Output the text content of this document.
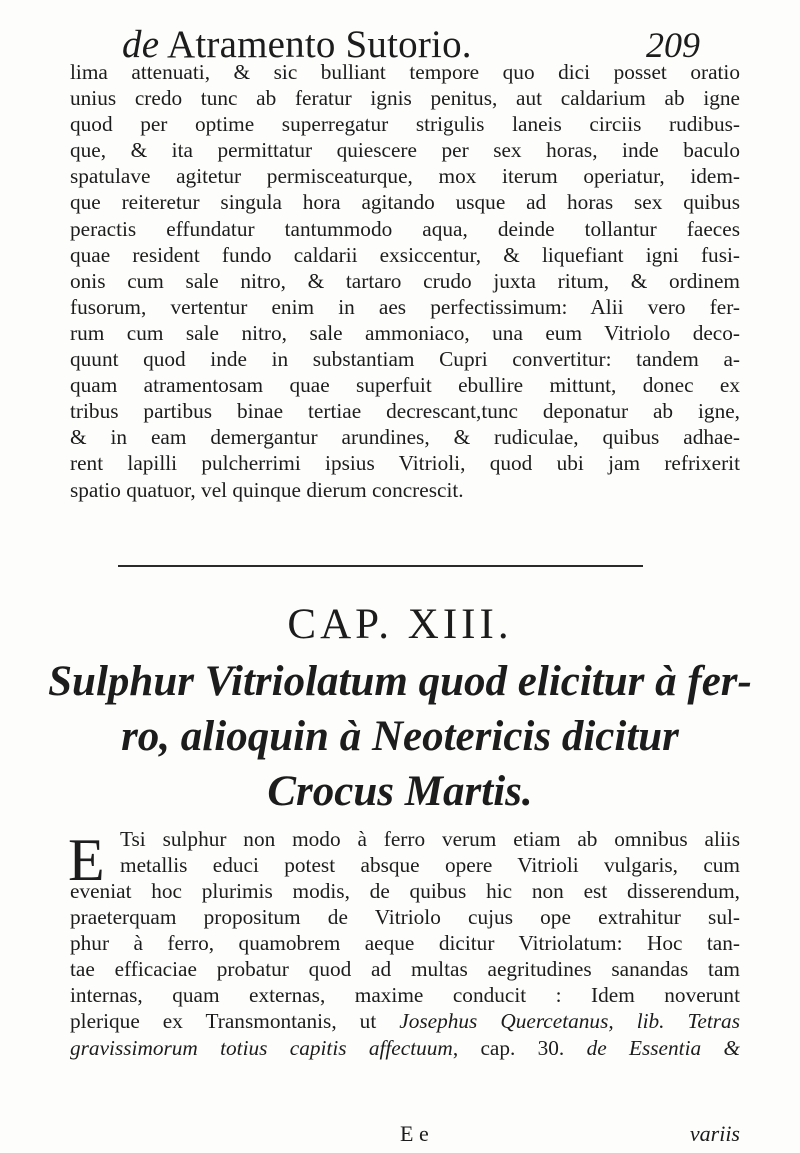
de Atramento Sutorio.	209
lima attenuati, & sic bulliant tempore quo dici posset oratio
unius credo tunc ab feratur ignis penitus, aut caldarium ab igne
quod per optime superregatur strigulis laneis circiis rudibus-
que, & ita permittatur quiescere per sex horas, inde baculo
spatulave agitetur permisceaturque, mox iterum operiatur, idem-
que reiteretur singula hora agitando usque ad horas sex quibus
peractis effundatur tantummodo aqua, deinde tollantur faeces
quae resident fundo caldarii exsiccentur, & liquefiant igni fusi-
onis cum sale nitro, & tartaro crudo juxta ritum, & ordinem
fusorum, vertentur enim in aes perfectissimum: Alii vero fer-
rum cum sale nitro, sale ammoniaco, una eum Vitriolo deco-
quunt quod inde in substantiam Cupri convertitur: tandem a-
quam atramentosam quae superfuit ebullire mittunt, donec ex
tribus partibus binae tertiae decrescant,tunc deponatur ab igne,
& in eam demergantur arundines, & rudiculae, quibus adhae-
rent lapilli pulcherrimi ipsius Vitrioli, quod ubi jam refrixerit
spatio quatuor, vel quinque dierum concrescit.
CAP. XIII.
Sulphur Vitriolatum quod elicitur à fer-
ro, alioquin à Neotericis dicitur
Crocus Martis.
E Tsi sulphur non modo à ferro verum etiam ab omnibus aliis
metallis educi potest absque opere Vitrioli vulgaris, cum
eveniat hoc plurimis modis, de quibus hic non est disserendum,
praeterquam propositum de Vitriolo cujus ope extrahitur sul-
phur à ferro, quamobrem aeque dicitur Vitriolatum: Hoc tan-
tae efficaciae probatur quod ad multas aegritudines sanandas tam
internas, quam externas, maxime conducit : Idem noverunt
plerique ex Transmontanis, ut Josephus Quercetanus, lib. Tetras
gravissimorum totius capitis affectuum, cap. 30. de Essentia &
E e	variis
